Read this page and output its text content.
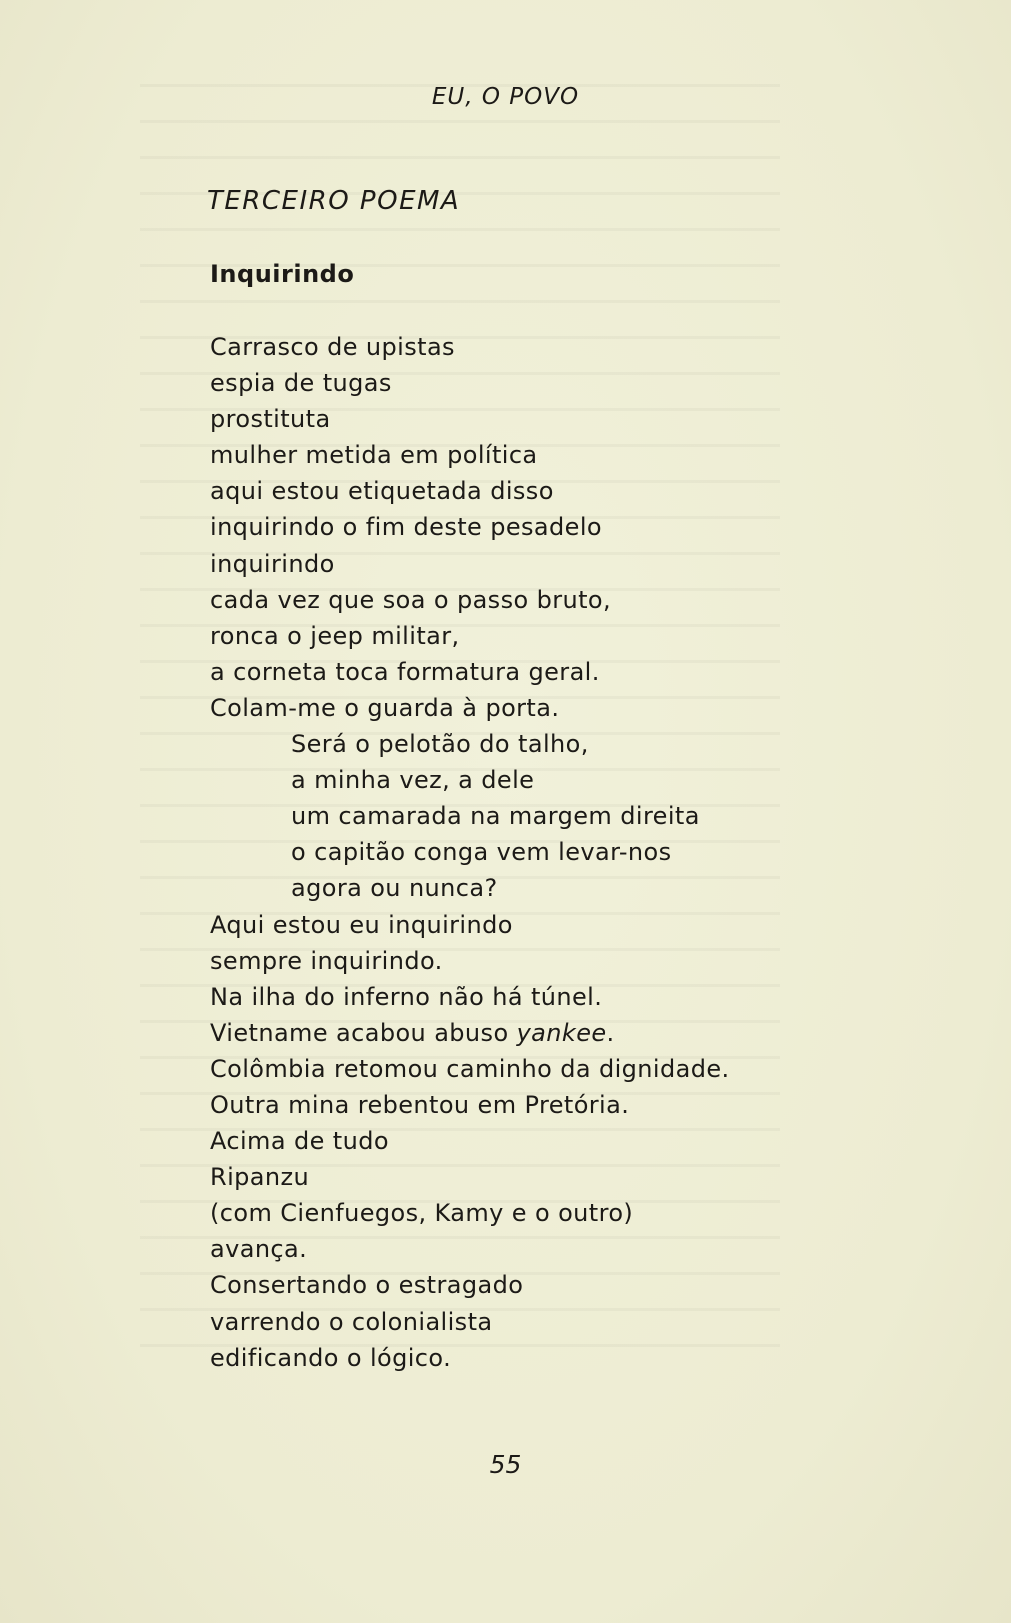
EU, O POVO
TERCEIRO POEMA
Inquirindo
Carrasco de upistas
espia de tugas
prostituta
mulher metida em política
aqui estou etiquetada disso
inquirindo o fim deste pesadelo
inquirindo
cada vez que soa o passo bruto,
ronca o jeep militar,
a corneta toca formatura geral.
Colam-me o guarda à porta.
Será o pelotão do talho,
a minha vez, a dele
um camarada na margem direita
o capitão conga vem levar-nos
agora ou nunca?
Aqui estou eu inquirindo
sempre inquirindo.
Na ilha do inferno não há túnel.
Vietname acabou abuso yankee.
Colômbia retomou caminho da dignidade.
Outra mina rebentou em Pretória.
Acima de tudo
Ripanzu
(com Cienfuegos, Kamy e o outro)
avança.
Consertando o estragado
varrendo o colonialista
edificando o lógico.
55
